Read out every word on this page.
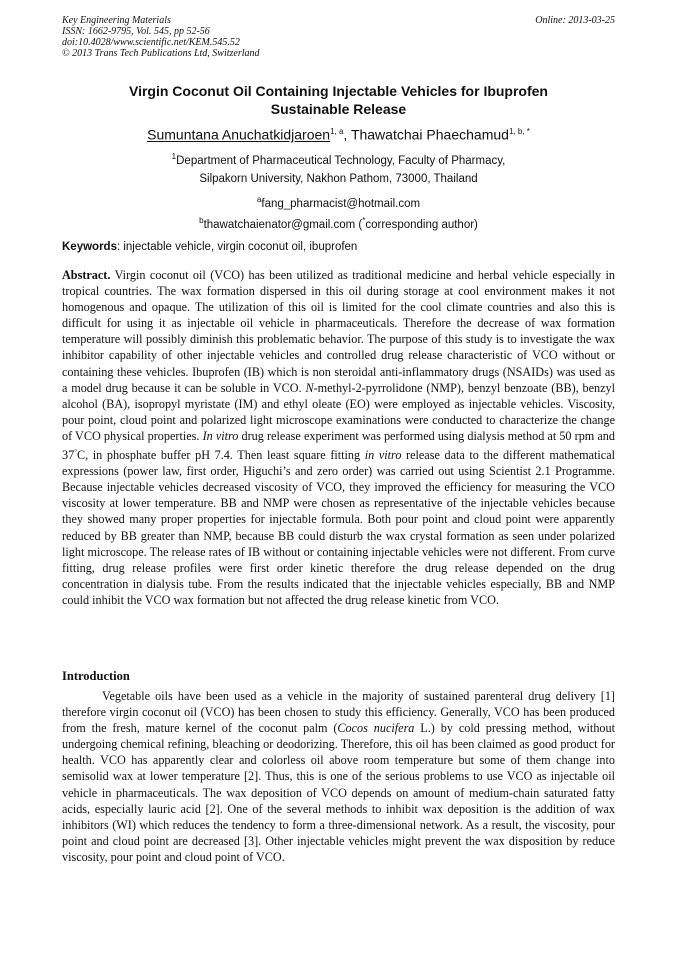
Key Engineering Materials
ISSN: 1662-9795, Vol. 545, pp 52-56
doi:10.4028/www.scientific.net/KEM.545.52
© 2013 Trans Tech Publications Ltd, Switzerland
Online: 2013-03-25
Virgin Coconut Oil Containing Injectable Vehicles for Ibuprofen
Sustainable Release
Sumuntana Anuchatkidjaroen$^{1, a}$, Thawatchai Phaechamud$^{1, b, *}$
$^1$Department of Pharmaceutical Technology, Faculty of Pharmacy,
Silpakorn University, Nakhon Pathom, 73000, Thailand
$^a$fang_pharmacist@hotmail.com
$^b$thawatchaienator@gmail.com (*corresponding author)
Keywords: injectable vehicle, virgin coconut oil, ibuprofen
Abstract. Virgin coconut oil (VCO) has been utilized as traditional medicine and herbal vehicle especially in tropical countries. The wax formation dispersed in this oil during storage at cool environment makes it not homogenous and opaque. The utilization of this oil is limited for the cool climate countries and also this is difficult for using it as injectable oil vehicle in pharmaceuticals. Therefore the decrease of wax formation temperature will possibly diminish this problematic behavior. The purpose of this study is to investigate the wax inhibitor capability of other injectable vehicles and controlled drug release characteristic of VCO without or containing these vehicles. Ibuprofen (IB) which is non steroidal anti-inflammatory drugs (NSAIDs) was used as a model drug because it can be soluble in VCO. N-methyl-2-pyrrolidone (NMP), benzyl benzoate (BB), benzyl alcohol (BA), isopropyl myristate (IM) and ethyl oleate (EO) were employed as injectable vehicles. Viscosity, pour point, cloud point and polarized light microscope examinations were conducted to characterize the change of VCO physical properties. In vitro drug release experiment was performed using dialysis method at 50 rpm and 37°C, in phosphate buffer pH 7.4. Then least square fitting in vitro release data to the different mathematical expressions (power law, first order, Higuchi’s and zero order) was carried out using Scientist 2.1 Programme. Because injectable vehicles decreased viscosity of VCO, they improved the efficiency for measuring the VCO viscosity at lower temperature. BB and NMP were chosen as representative of the injectable vehicles because they showed many proper properties for injectable formula. Both pour point and cloud point were apparently reduced by BB greater than NMP, because BB could disturb the wax crystal formation as seen under polarized light microscope. The release rates of IB without or containing injectable vehicles were not different. From curve fitting, drug release profiles were first order kinetic therefore the drug release depended on the drug concentration in dialysis tube. From the results indicated that the injectable vehicles especially, BB and NMP could inhibit the VCO wax formation but not affected the drug release kinetic from VCO.
Introduction
Vegetable oils have been used as a vehicle in the majority of sustained parenteral drug delivery [1] therefore virgin coconut oil (VCO) has been chosen to study this efficiency. Generally, VCO has been produced from the fresh, mature kernel of the coconut palm (Cocos nucifera L.) by cold pressing method, without undergoing chemical refining, bleaching or deodorizing. Therefore, this oil has been claimed as good product for health. VCO has apparently clear and colorless oil above room temperature but some of them change into semisolid wax at lower temperature [2]. Thus, this is one of the serious problems to use VCO as injectable oil vehicle in pharmaceuticals. The wax deposition of VCO depends on amount of medium-chain saturated fatty acids, especially lauric acid [2]. One of the several methods to inhibit wax deposition is the addition of wax inhibitors (WI) which reduces the tendency to form a three-dimensional network. As a result, the viscosity, pour point and cloud point are decreased [3]. Other injectable vehicles might prevent the wax disposition by reduce viscosity, pour point and cloud point of VCO.
